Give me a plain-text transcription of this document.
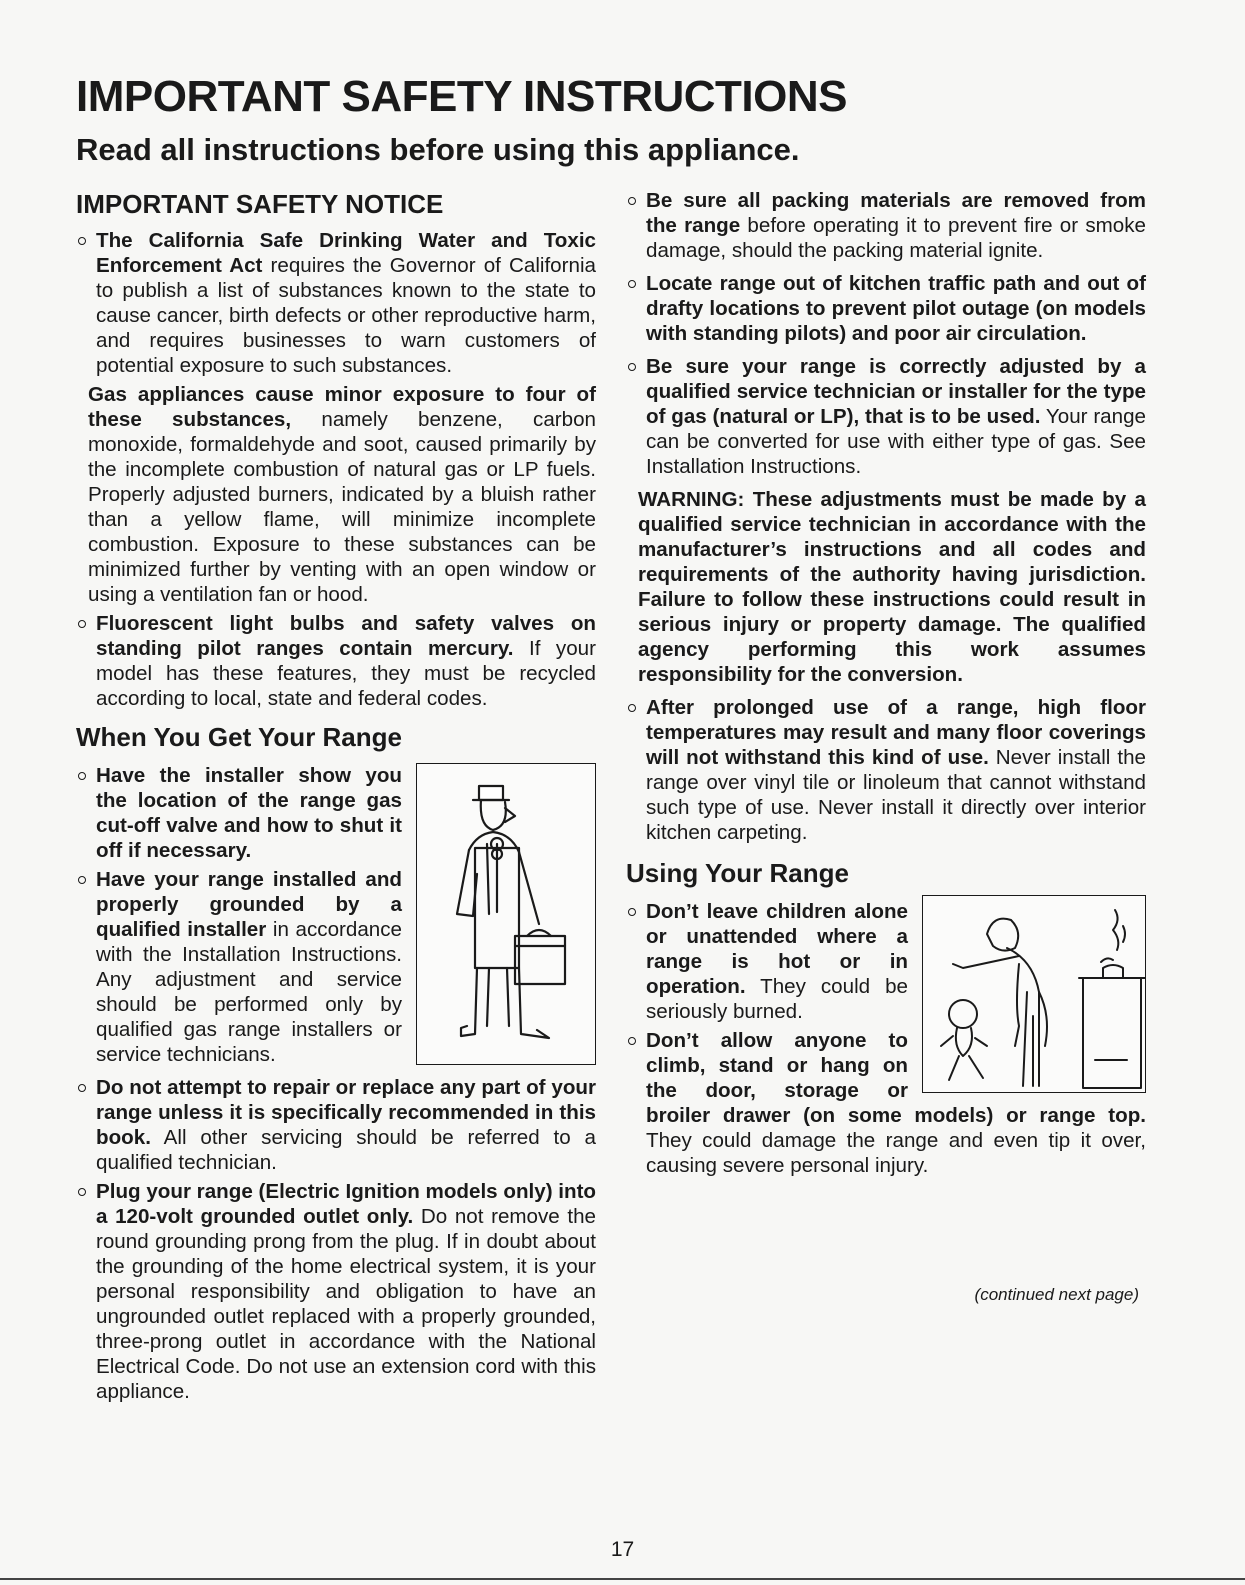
IMPORTANT SAFETY INSTRUCTIONS
Read all instructions before using this appliance.
IMPORTANT SAFETY NOTICE

The California Safe Drinking Water and Toxic Enforcement Act requires the Governor of California to publish a list of substances known to the state to cause cancer, birth defects or other reproductive harm, and requires businesses to warn customers of potential exposure to such substances.

Gas appliances cause minor exposure to four of these substances, namely benzene, carbon monoxide, formaldehyde and soot, caused primarily by the incomplete combustion of natural gas or LP fuels. Properly adjusted burners, indicated by a bluish rather than a yellow flame, will minimize incomplete combustion. Exposure to these substances can be minimized further by venting with an open window or using a ventilation fan or hood.

Fluorescent light bulbs and safety valves on standing pilot ranges contain mercury. If your model has these features, they must be recycled according to local, state and federal codes.

When You Get Your Range

Have the installer show you the location of the range gas cut-off valve and how to shut it off if necessary.

Have your range installed and properly grounded by a qualified installer in accordance with the Installation Instructions. Any adjustment and service should be performed only by qualified gas range installers or service technicians.

Do not attempt to repair or replace any part of your range unless it is specifically recommended in this book. All other servicing should be referred to a qualified technician.

Plug your range (Electric Ignition models only) into a 120-volt grounded outlet only. Do not remove the round grounding prong from the plug. If in doubt about the grounding of the home electrical system, it is your personal responsibility and obligation to have an ungrounded outlet replaced with a properly grounded, three-prong outlet in accordance with the National Electrical Code. Do not use an extension cord with this appliance.

Be sure all packing materials are removed from the range before operating it to prevent fire or smoke damage, should the packing material ignite.

Locate range out of kitchen traffic path and out of drafty locations to prevent pilot outage (on models with standing pilots) and poor air circulation.

Be sure your range is correctly adjusted by a qualified service technician or installer for the type of gas (natural or LP), that is to be used. Your range can be converted for use with either type of gas. See Installation Instructions.

WARNING: These adjustments must be made by a qualified service technician in accordance with the manufacturer’s instructions and all codes and requirements of the authority having jurisdiction. Failure to follow these instructions could result in serious injury or property damage. The qualified agency performing this work assumes responsibility for the conversion.

After prolonged use of a range, high floor temperatures may result and many floor coverings will not withstand this kind of use. Never install the range over vinyl tile or linoleum that cannot withstand such type of use. Never install it directly over interior kitchen carpeting.

Using Your Range

Don’t leave children alone or unattended where a range is hot or in operation. They could be seriously burned.

Don’t allow anyone to climb, stand or hang on the door, storage or broiler drawer (on some models) or range top. They could damage the range and even tip it over, causing severe personal injury.

(continued next page)
17
